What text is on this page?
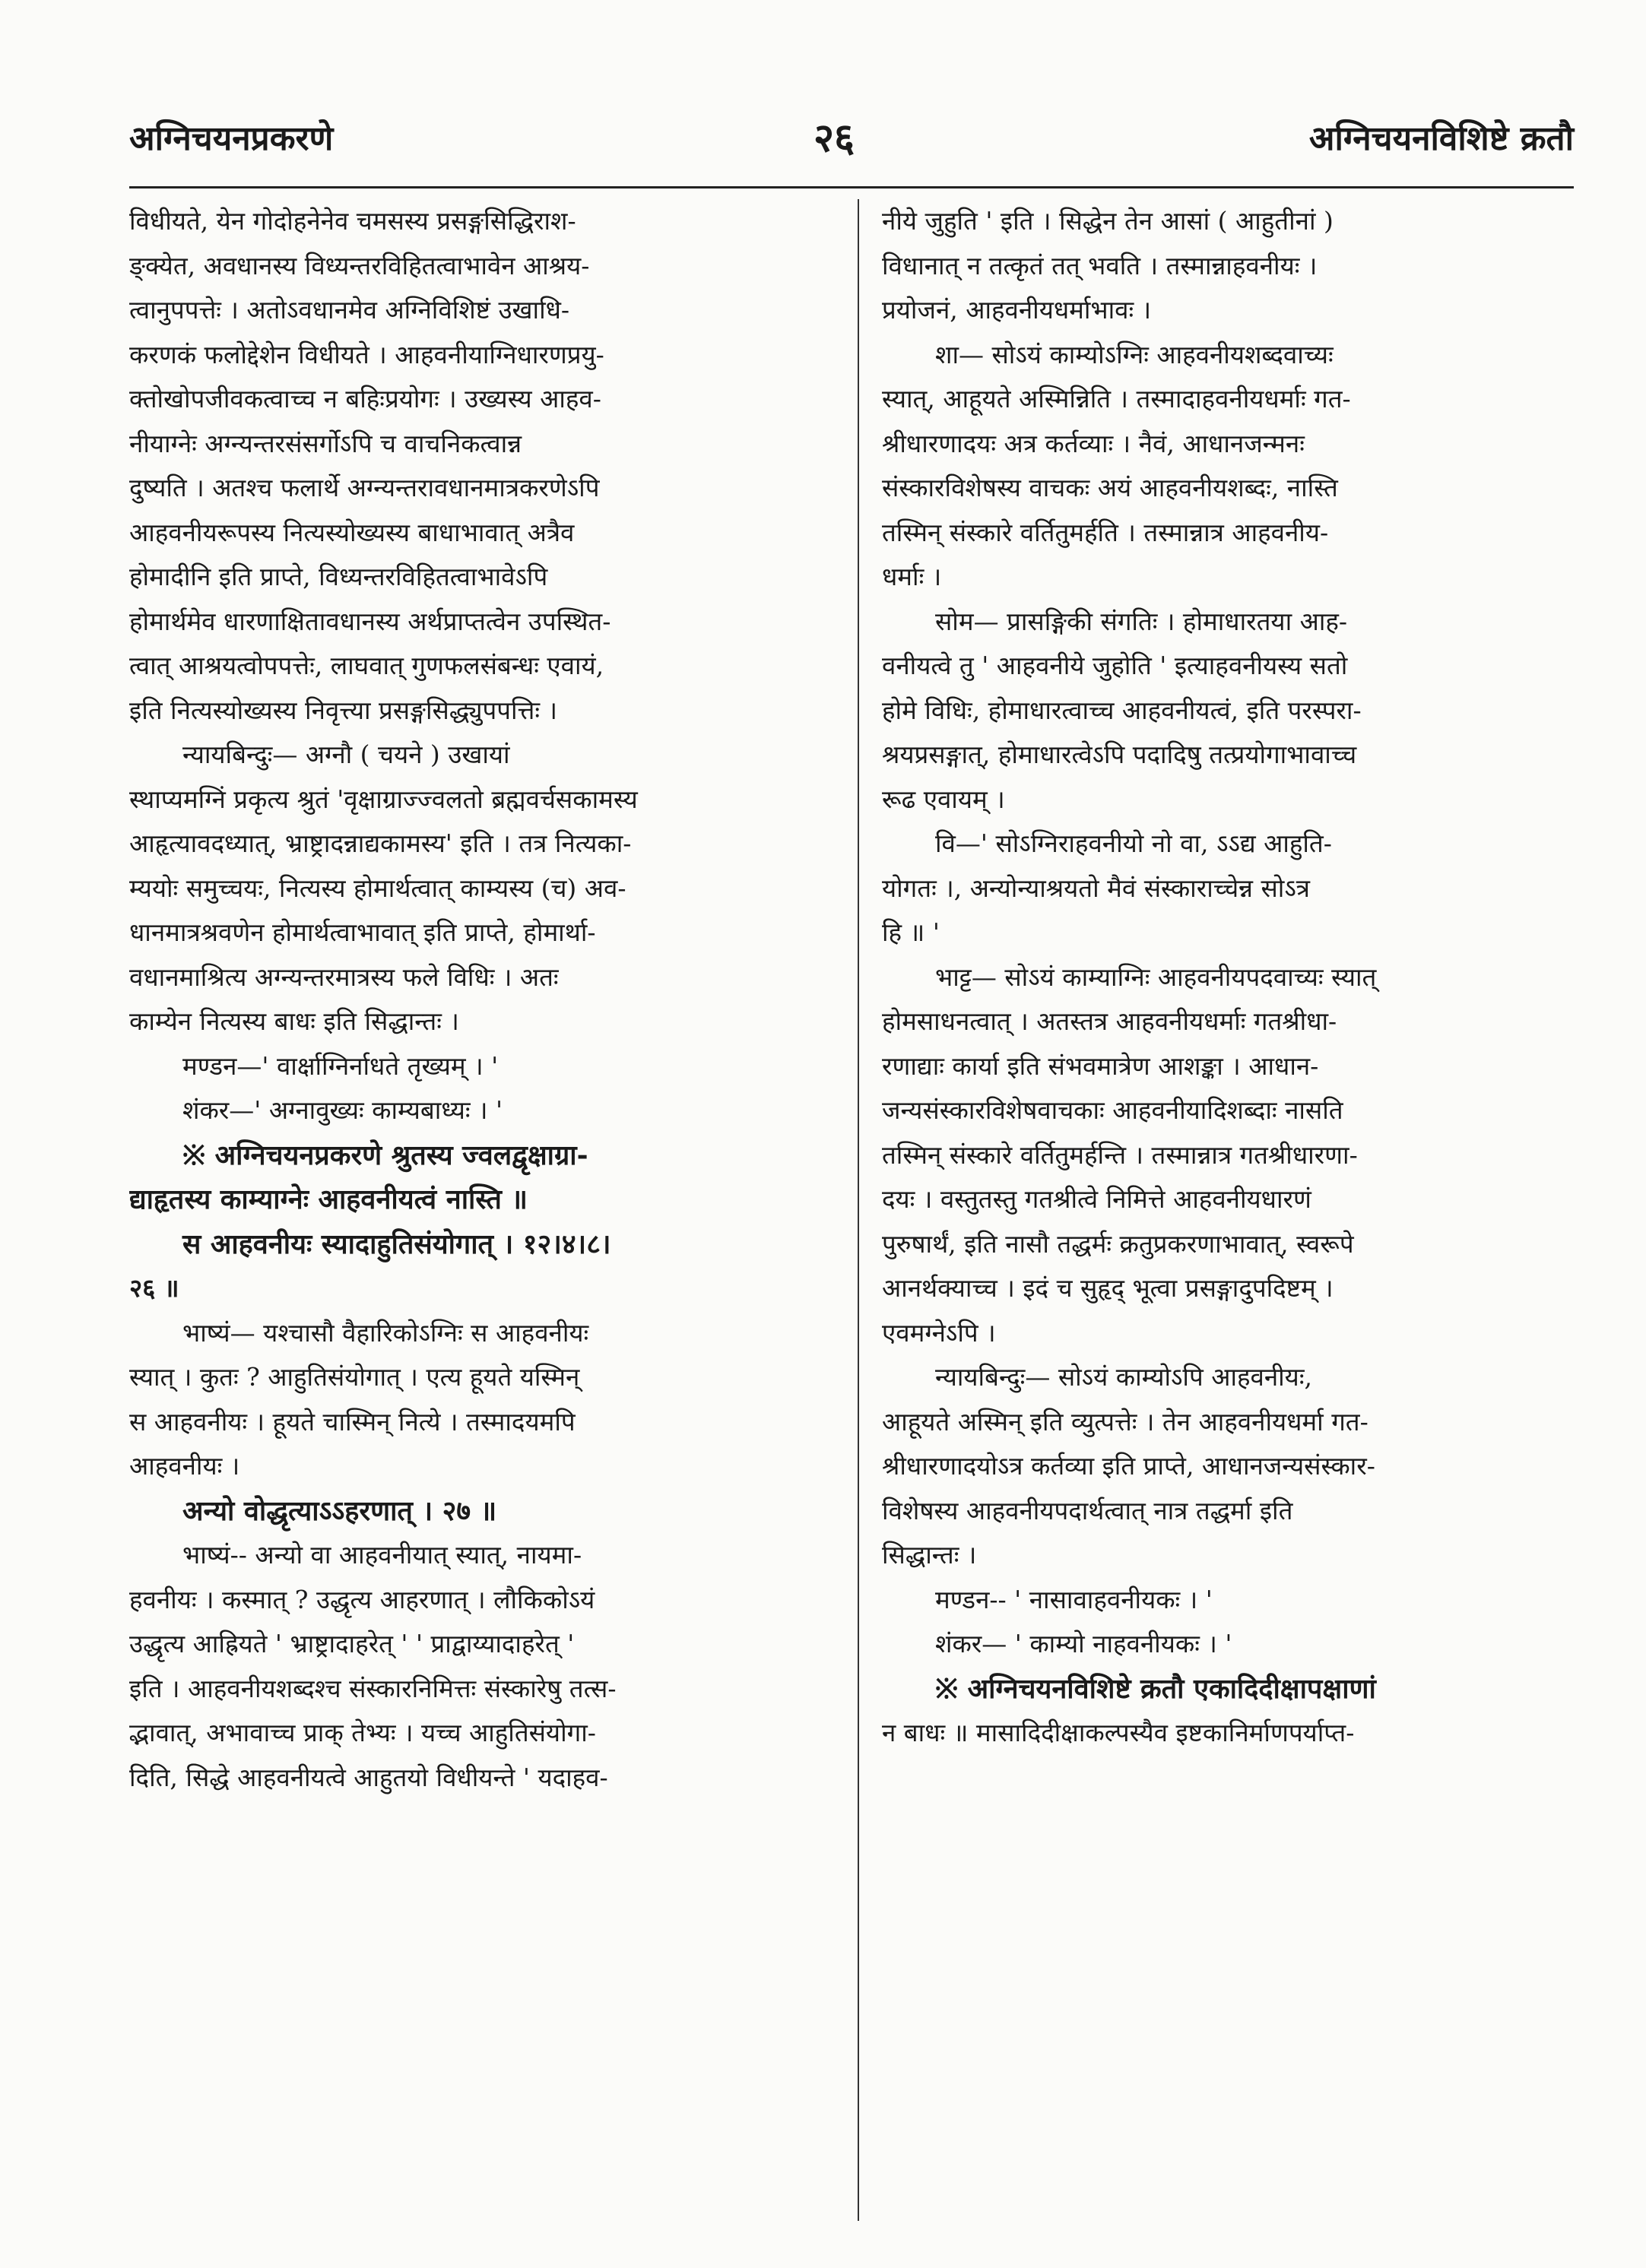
अग्निचयनप्रकरणे	२६	अग्निचयनविशिष्टे क्रतौ
विधीयते, येन गोदोहनेनेव चमसस्य प्रसङ्गसिद्धिराश-
ङ्क्येत, अवधानस्य विध्यन्तरविहितत्वाभावेन आश्रय-
त्वानुपपत्तेः । अतोऽवधानमेव अग्निविशिष्टं उखाधि-
करणकं फलोद्देशेन विधीयते । आहवनीयाग्निधारणप्रयु-
क्तोखोपजीवकत्वाच्च न बहिःप्रयोगः । उख्यस्य आहव-
नीयाग्नेः अग्न्यन्तरसंसर्गोऽपि च वाचनिकत्वान्न
दुष्यति । अतश्च फलार्थे अग्न्यन्तरावधानमात्रकरणेऽपि
आहवनीयरूपस्य नित्यस्योख्यस्य बाधाभावात् अत्रैव
होमादीनि इति प्राप्ते, विध्यन्तरविहितत्वाभावेऽपि
होमार्थमेव धारणाक्षितावधानस्य अर्थप्राप्तत्वेन उपस्थित-
त्वात् आश्रयत्वोपपत्तेः, लाघवात् गुणफलसंबन्धः एवायं,
इति नित्यस्योख्यस्य निवृत्त्या प्रसङ्गसिद्ध्युपपत्तिः ।
न्यायबिन्दुः— अग्नौ ( चयने ) उखायां
स्थाप्यमग्निं प्रकृत्य श्रुतं 'वृक्षाग्राज्ज्वलतो ब्रह्मवर्चसकामस्य
आहृत्यावदध्यात्, भ्राष्ट्रादन्नाद्यकामस्य' इति । तत्र नित्यका-
म्ययोः समुच्चयः, नित्यस्य होमार्थत्वात् काम्यस्य (च) अव-
धानमात्रश्रवणेन होमार्थत्वाभावात् इति प्राप्ते, होमार्था-
वधानमाश्रित्य अग्न्यन्तरमात्रस्य फले विधिः । अतः
काम्येन नित्यस्य बाधः इति सिद्धान्तः ।
मण्डन—' वार्क्षाग्निर्नाधते तृख्यम् । '
शंकर—' अग्नावुख्यः काम्यबाध्यः । '
※ अग्निचयनप्रकरणे श्रुतस्य ज्वलद्वृक्षाग्रा-
द्याहृतस्य काम्याग्नेः आहवनीयत्वं नास्ति ॥
स आहवनीयः स्यादाहुतिसंयोगात् । १२।४।८।
२६ ॥
भाष्यं— यश्चासौ वैहारिकोऽग्निः स आहवनीयः
स्यात् । कुतः ? आहुतिसंयोगात् । एत्य हूयते यस्मिन्
स आहवनीयः । हूयते चास्मिन् नित्ये । तस्मादयमपि
आहवनीयः ।
अन्यो वोद्धृत्याऽऽहरणात् । २७ ॥
भाष्यं-- अन्यो वा आहवनीयात् स्यात्, नायमा-
हवनीयः । कस्मात् ? उद्धृत्य आहरणात् । लौकिकोऽयं
उद्धृत्य आह्रियते ' भ्राष्ट्रादाहरेत् ' ' प्राद्वाय्यादाहरेत् '
इति । आहवनीयशब्दश्च संस्कारनिमित्तः संस्कारेषु तत्स-
द्भावात्, अभावाच्च प्राक् तेभ्यः । यच्च आहुतिसंयोगा-
दिति, सिद्धे आहवनीयत्वे आहुतयो विधीयन्ते ' यदाहव-
नीये जुहुति ' इति । सिद्धेन तेन आसां ( आहुतीनां )
विधानात् न तत्कृतं तत् भवति । तस्मान्नाहवनीयः ।
प्रयोजनं, आहवनीयधर्माभावः ।
शा— सोऽयं काम्योऽग्निः आहवनीयशब्दवाच्यः
स्यात्, आहूयते अस्मिन्निति । तस्मादाहवनीयधर्माः गत-
श्रीधारणादयः अत्र कर्तव्याः । नैवं, आधानजन्मनः
संस्कारविशेषस्य वाचकः अयं आहवनीयशब्दः, नास्ति
तस्मिन् संस्कारे वर्तितुमर्हति । तस्मान्नात्र आहवनीय-
धर्माः ।
सोम— प्रासङ्गिकी संगतिः । होमाधारतया आह-
वनीयत्वे तु ' आहवनीये जुहोति ' इत्याहवनीयस्य सतो
होमे विधिः, होमाधारत्वाच्च आहवनीयत्वं, इति परस्परा-
श्रयप्रसङ्गात्, होमाधारत्वेऽपि पदादिषु तत्प्रयोगाभावाच्च
रूढ एवायम् ।
वि—' सोऽग्निराहवनीयो नो वा, ऽऽद्य आहुति-
योगतः ।, अन्योन्याश्रयतो मैवं संस्काराच्चेन्न सोऽत्र
हि ॥ '
भाट्ट— सोऽयं काम्याग्निः आहवनीयपदवाच्यः स्यात्
होमसाधनत्वात् । अतस्तत्र आहवनीयधर्माः गतश्रीधा-
रणाद्याः कार्या इति संभवमात्रेण आशङ्का । आधान-
जन्यसंस्कारविशेषवाचकाः आहवनीयादिशब्दाः नासति
तस्मिन् संस्कारे वर्तितुमर्हन्ति । तस्मान्नात्र गतश्रीधारणा-
दयः । वस्तुतस्तु गतश्रीत्वे निमित्ते आहवनीयधारणं
पुरुषार्थं, इति नासौ तद्धर्मः क्रतुप्रकरणाभावात्, स्वरूपे
आनर्थक्याच्च । इदं च सुहृद् भूत्वा प्रसङ्गादुपदिष्टम् ।
एवमग्नेऽपि ।
न्यायबिन्दुः— सोऽयं काम्योऽपि आहवनीयः,
आहूयते अस्मिन् इति व्युत्पत्तेः । तेन आहवनीयधर्मा गत-
श्रीधारणादयोऽत्र कर्तव्या इति प्राप्ते, आधानजन्यसंस्कार-
विशेषस्य आहवनीयपदार्थत्वात् नात्र तद्धर्मा इति
सिद्धान्तः ।
मण्डन-- ' नासावाहवनीयकः । '
शंकर— ' काम्यो नाहवनीयकः । '
※ अग्निचयनविशिष्टे क्रतौ एकादिदीक्षापक्षाणां
न बाधः ॥ मासादिदीक्षाकल्पस्यैव इष्टकानिर्माणपर्याप्त-
